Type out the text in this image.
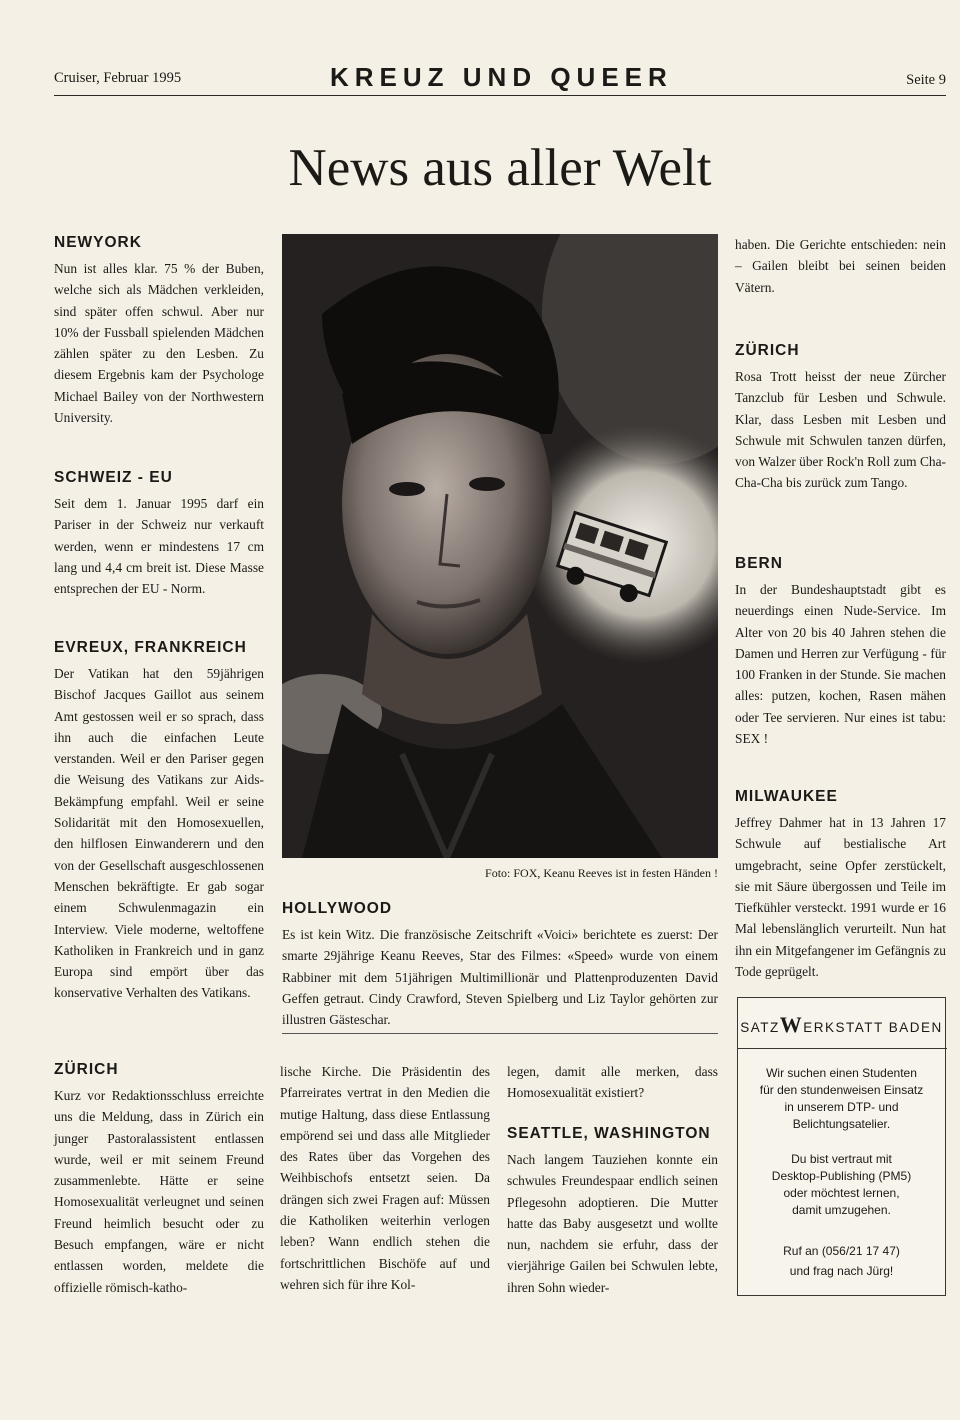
Cruiser, Februar 1995	KREUZ UND QUEER	Seite 9
News aus aller Welt
NEWYORK

Nun ist alles klar. 75 % der Buben, welche sich als Mädchen verkleiden, sind später offen schwul. Aber nur 10% der Fussball spielenden Mädchen zählen später zu den Lesben. Zu diesem Ergebnis kam der Psychologe Michael Bailey von der Northwestern University.

SCHWEIZ - EU

Seit dem 1. Januar 1995 darf ein Pariser in der Schweiz nur verkauft werden, wenn er mindestens 17 cm lang und 4,4 cm breit ist. Diese Masse entsprechen der EU - Norm.

EVREUX, FRANKREICH

Der Vatikan hat den 59jährigen Bischof Jacques Gaillot aus seinem Amt gestossen weil er so sprach, dass ihn auch die einfachen Leute verstanden. Weil er den Pariser gegen die Weisung des Vatikans zur Aids-Bekämpfung empfahl. Weil er seine Solidarität mit den Homosexuellen, den hilflosen Einwanderern und den von der Gesellschaft ausgeschlossenen Menschen bekräftigte. Er gab sogar einem Schwulenmagazin ein Interview. Viele moderne, weltoffene Katholiken in Frankreich und in ganz Europa sind empört über das konservative Verhalten des Vatikans.

Foto: FOX, Keanu Reeves ist in festen Händen !
HOLLYWOOD

Es ist kein Witz. Die französische Zeitschrift «Voici» berichtete es zuerst: Der smarte 29jährige Keanu Reeves, Star des Filmes: «Speed» wurde von einem Rabbiner mit dem 51jährigen Multimillionär und Plattenproduzenten David Geffen getraut. Cindy Crawford, Steven Spielberg und Liz Taylor gehörten zur illustren Gästeschar.

haben. Die Gerichte entschieden: nein – Gailen bleibt bei seinen beiden Vätern.

ZÜRICH

Rosa Trott heisst der neue Zürcher Tanzclub für Lesben und Schwule. Klar, dass Lesben mit Lesben und Schwule mit Schwulen tanzen dürfen, von Walzer über Rock'n Roll zum Cha-Cha-Cha bis zurück zum Tango.

BERN

In der Bundeshauptstadt gibt es neuerdings einen Nude-Service. Im Alter von 20 bis 40 Jahren stehen die Damen und Herren zur Verfügung - für 100 Franken in der Stunde. Sie machen alles: putzen, kochen, Rasen mähen oder Tee servieren. Nur eines ist tabu: SEX !

MILWAUKEE

Jeffrey Dahmer hat in 13 Jahren 17 Schwule auf bestialische Art umgebracht, seine Opfer zerstückelt, sie mit Säure übergossen und Teile im Tiefkühler versteckt. 1991 wurde er 16 Mal lebenslänglich verurteilt. Nun hat ihn ein Mitgefangener im Gefängnis zu Tode geprügelt.

ZÜRICH

Kurz vor Redaktionsschluss erreichte uns die Meldung, dass in Zürich ein junger Pastoralassistent entlassen wurde, weil er mit seinem Freund zusammenlebte. Hätte er seine Homosexualität verleugnet und seinen Freund heimlich besucht oder zu Besuch empfangen, wäre er nicht entlassen worden, meldete die offizielle römisch-katho-

lische Kirche. Die Präsidentin des Pfarreirates vertrat in den Medien die mutige Haltung, dass diese Entlassung empörend sei und dass alle Mitglieder des Rates über das Vorgehen des Weihbischofs entsetzt seien. Da drängen sich zwei Fragen auf: Müssen die Katholiken weiterhin verlogen leben? Wann endlich stehen die fortschrittlichen Bischöfe auf und wehren sich für ihre Kol-

legen, damit alle merken, dass Homosexualität existiert?

SEATTLE, WASHINGTON

Nach langem Tauziehen konnte ein schwules Freundespaar endlich seinen Pflegesohn adoptieren. Die Mutter hatte das Baby ausgesetzt und wollte nun, nachdem sie erfuhr, dass der vierjährige Gailen bei Schwulen lebte, ihren Sohn wieder-

SATZWERKSTATT BADEN
Wir suchen einen Studenten
für den stundenweisen Einsatz
in unserem DTP- und
Belichtungsatelier.
Du bist vertraut mit
Desktop-Publishing (PM5)
oder möchtest lernen,
damit umzugehen.
Ruf an (056/21 17 47)
und frag nach Jürg!
